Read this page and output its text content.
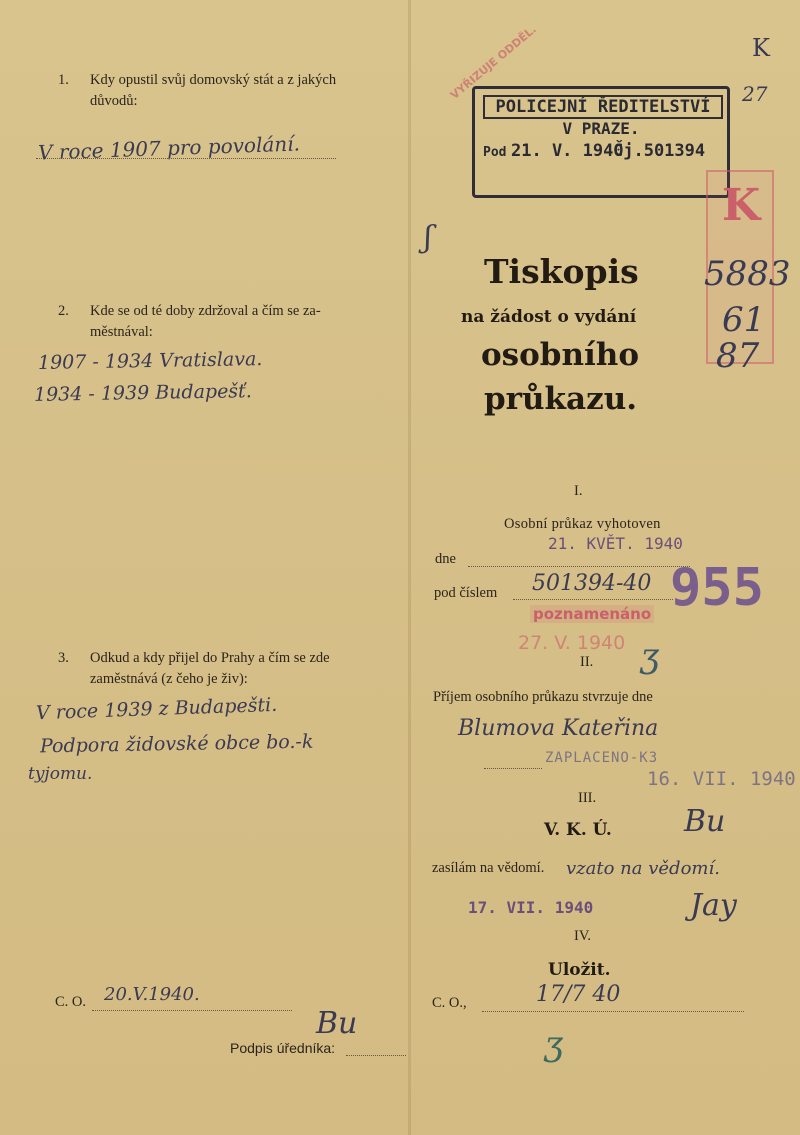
1. Kdy opustil svůj domovský stát a z jakých
důvodů:
V roce 1907 pro povolání.
2. Kde se od té doby zdržoval a čím se za-
městnával:
1907 - 1934 Vratislava.
1934 - 1939 Budapešť.
3. Odkud a kdy přijel do Prahy a čím se zde
zaměstnává (z čeho je živ):
V roce 1939 z Budapešti.
Podpora židovské obce bo.-k
tyjomu.
C. O. 20.V.1940.
Podpis úředníka:
Bu
K
27
VYŘIZUJE ODDĚL.
POLICEJNÍ ŘEDITELSTVÍ
V PRAZE.
Pod 21. V. 1940
Čj.501394
K
ʃ
Tiskopis
na žádost o vydání
osobního
průkazu.
5883
61
87
I.
Osobní průkaz vyhotoven
dne
21. KVĚT. 1940
pod číslem 501394-40 955
poznamenáno
27. V. 1940
II. ʒ
Příjem osobního průkazu stvrzuje dne
Blumova Kateřina
ZAPLACENO-K3
16. VII. 1940
III.
V. K. Ú. Bu
zasílám na vědomí. vzato na vědomí.
17. VII. 1940	Jay
IV.
Uložit.
C. O.,	17/7 40
ʒ
